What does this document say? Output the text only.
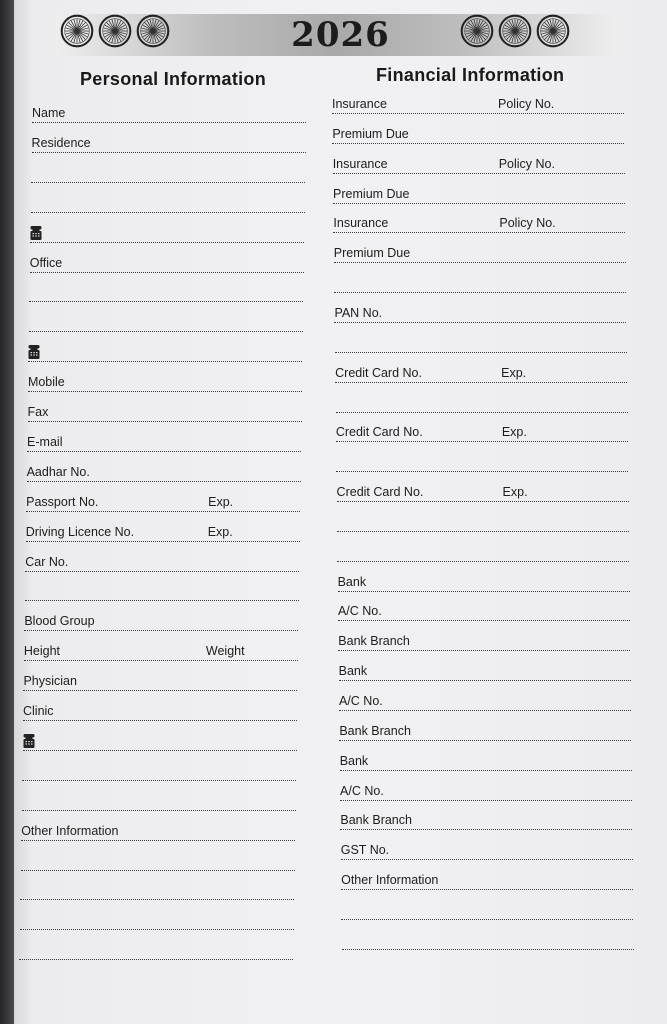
2026
Personal Information	Financial Information
Name
Residence
Office
Mobile
Fax
E-mail
Aadhar No.
Passport No.	Exp.
Driving Licence No.	Exp.
Car No.
Blood Group
Height	Weight
Physician
Clinic
Other Information
Insurance	Policy No.
Premium Due
Insurance	Policy No.
Premium Due
Insurance	Policy No.
Premium Due
PAN No.
Credit Card No.	Exp.
Credit Card No.	Exp.
Credit Card No.	Exp.
Bank
A/C No.
Bank Branch
Bank
A/C No.
Bank Branch
Bank
A/C No.
Bank Branch
GST No.
Other Information
